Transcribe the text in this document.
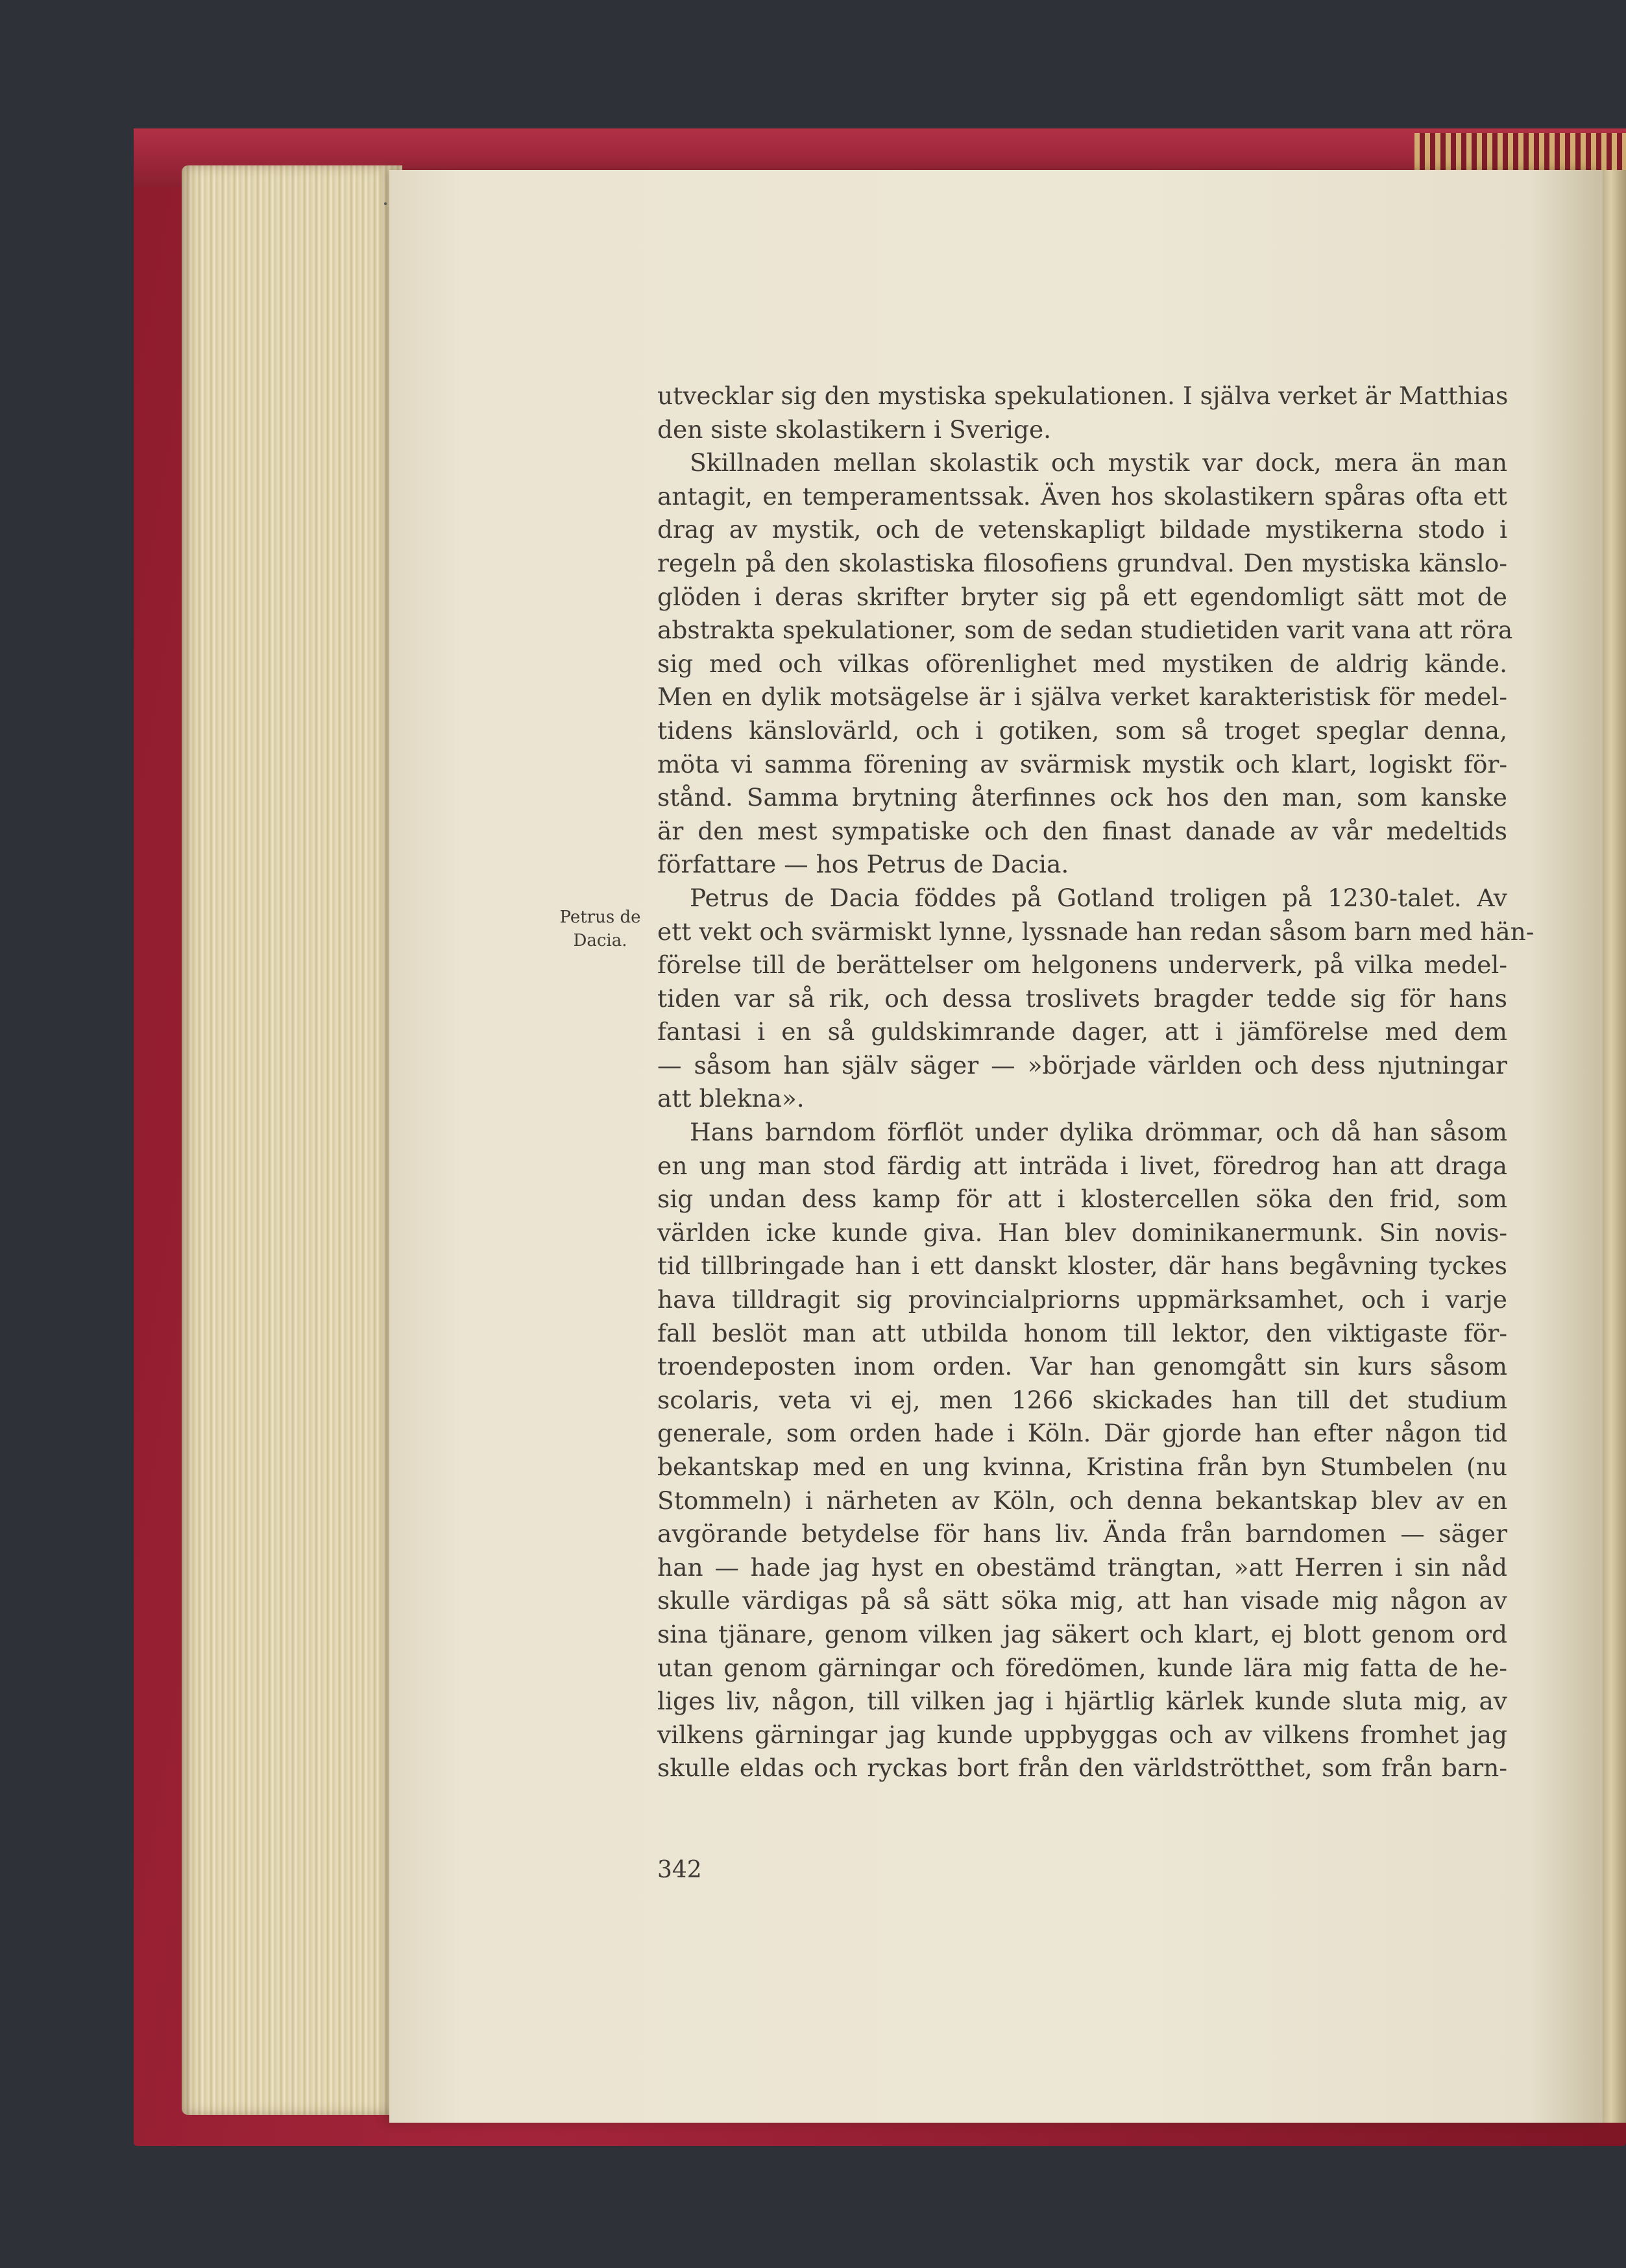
Petrus de
Dacia.
utvecklar sig den mystiska spekulationen. I själva verket är Matthias
den siste skolastikern i Sverige.
Skillnaden mellan skolastik och mystik var dock, mera än man
antagit, en temperamentssak. Även hos skolastikern spåras ofta ett
drag av mystik, och de vetenskapligt bildade mystikerna stodo i
regeln på den skolastiska filosofiens grundval. Den mystiska känslo-
glöden i deras skrifter bryter sig på ett egendomligt sätt mot de
abstrakta spekulationer, som de sedan studietiden varit vana att röra
sig med och vilkas oförenlighet med mystiken de aldrig kände.
Men en dylik motsägelse är i själva verket karakteristisk för medel-
tidens känslovärld, och i gotiken, som så troget speglar denna,
möta vi samma förening av svärmisk mystik och klart, logiskt för-
stånd. Samma brytning återfinnes ock hos den man, som kanske
är den mest sympatiske och den finast danade av vår medeltids
författare — hos Petrus de Dacia.
Petrus de Dacia föddes på Gotland troligen på 1230-talet. Av
ett vekt och svärmiskt lynne, lyssnade han redan såsom barn med hän-
förelse till de berättelser om helgonens underverk, på vilka medel-
tiden var så rik, och dessa troslivets bragder tedde sig för hans
fantasi i en så guldskimrande dager, att i jämförelse med dem
— såsom han själv säger — »började världen och dess njutningar
att blekna».
Hans barndom förflöt under dylika drömmar, och då han såsom
en ung man stod färdig att inträda i livet, föredrog han att draga
sig undan dess kamp för att i klostercellen söka den frid, som
världen icke kunde giva. Han blev dominikanermunk. Sin novis-
tid tillbringade han i ett danskt kloster, där hans begåvning tyckes
hava tilldragit sig provincialpriorns uppmärksamhet, och i varje
fall beslöt man att utbilda honom till lektor, den viktigaste för-
troendeposten inom orden. Var han genomgått sin kurs såsom
scolaris, veta vi ej, men 1266 skickades han till det studium
generale, som orden hade i Köln. Där gjorde han efter någon tid
bekantskap med en ung kvinna, Kristina från byn Stumbelen (nu
Stommeln) i närheten av Köln, och denna bekantskap blev av en
avgörande betydelse för hans liv. Ända från barndomen — säger
han — hade jag hyst en obestämd trängtan, »att Herren i sin nåd
skulle värdigas på så sätt söka mig, att han visade mig någon av
sina tjänare, genom vilken jag säkert och klart, ej blott genom ord
utan genom gärningar och föredömen, kunde lära mig fatta de he-
liges liv, någon, till vilken jag i hjärtlig kärlek kunde sluta mig, av
vilkens gärningar jag kunde uppbyggas och av vilkens fromhet jag
skulle eldas och ryckas bort från den världströtthet, som från barn-
342
